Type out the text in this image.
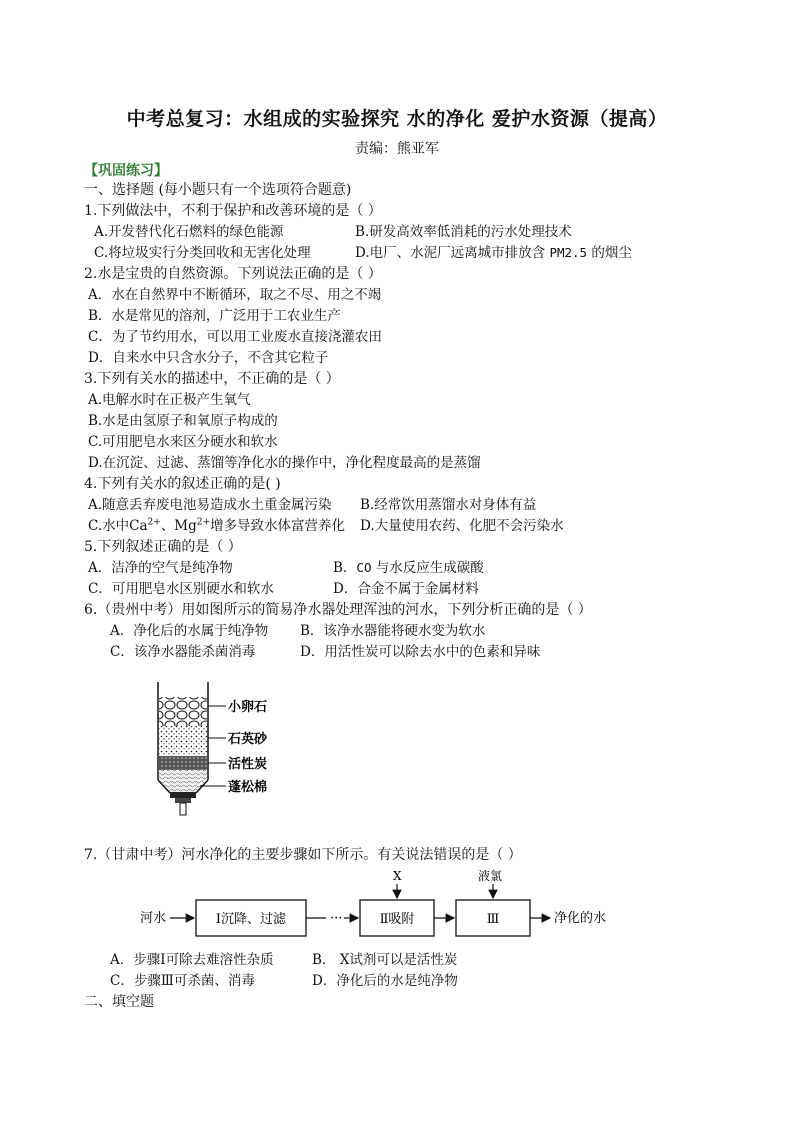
中考总复习：水组成的实验探究 水的净化 爱护水资源（提高）
责编：熊亚军
【巩固练习】
一、选择题 (每小题只有一个选项符合题意)
1.下列做法中，不利于保护和改善环境的是（ ）
A.开发替代化石燃料的绿色能源	B.研发高效率低消耗的污水处理技术
C.将垃圾实行分类回收和无害化处理	D.电厂、水泥厂远离城市排放含 PM2.5 的烟尘
2.水是宝贵的自然资源。下列说法正确的是（ ）
A．水在自然界中不断循环，取之不尽、用之不竭
B．水是常见的溶剂，广泛用于工农业生产
C．为了节约用水，可以用工业废水直接浇灌农田
D．自来水中只含水分子，不含其它粒子
3.下列有关水的描述中，不正确的是（ ）
A.电解水时在正极产生氧气
B.水是由氢原子和氧原子构成的
C.可用肥皂水来区分硬水和软水
D.在沉淀、过滤、蒸馏等净化水的操作中，净化程度最高的是蒸馏
4.下列有关水的叙述正确的是( )
A.随意丢弃废电池易造成水土重金属污染 B.经常饮用蒸馏水对身体有益
C.水中$Ca^{2+}$、$Mg^{2+}$增多导致水体富营养化 D.大量使用农药、化肥不会污染水
5.下列叙述正确的是（ ）
A．洁净的空气是纯净物	B．CO 与水反应生成碳酸
C．可用肥皂水区别硬水和软水	D．合金不属于金属材料
6.（贵州中考）用如图所示的简易净水器处理浑浊的河水，下列分析正确的是（ ）
A．净化后的水属于纯净物 B．该净水器能将硬水变为软水
C．该净水器能杀菌消毒	D．用活性炭可以除去水中的色素和异味
小卵石
石英砂
活性炭
蓬松棉
7.（甘肃中考）河水净化的主要步骤如下所示。有关说法错误的是（ ）
河水	Ⅰ沉降、过滤	···	Ⅱ吸附
X
Ⅲ
液氯
净化的水
A．步骤Ⅰ可除去难溶性杂质	B． X试剂可以是活性炭
C．步骤Ⅲ可杀菌、消毒	D．净化后的水是纯净物
二、填空题
